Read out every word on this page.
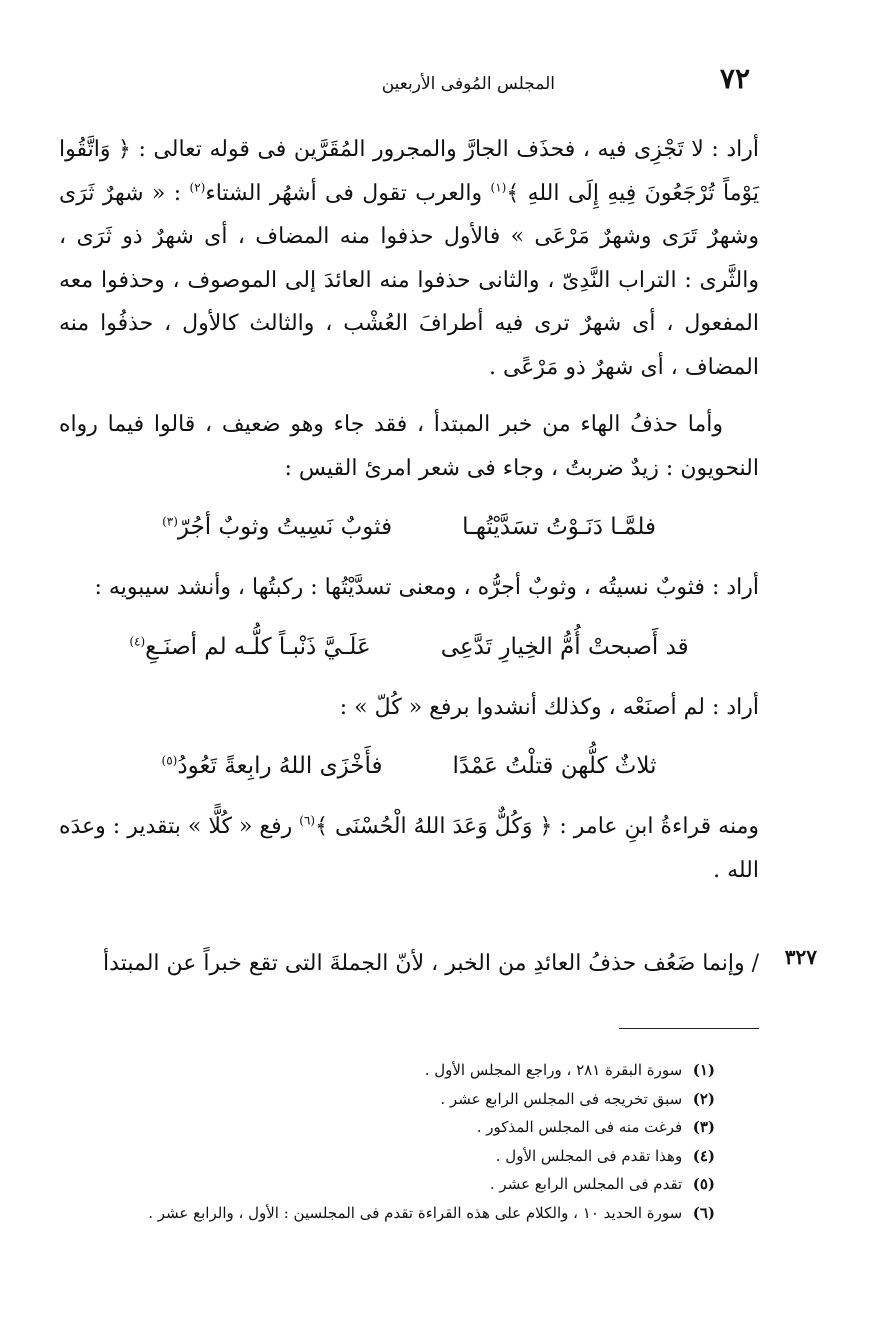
٧٢
المجلس المُوفى الأربعين

أراد : لا تَجْزِى فيه ، فحذَف الجارَّ والمجرور المُقَرَّين فى قوله تعالى : ﴿ وَاتَّقُوا يَوْماً تُرْجَعُونَ فِيهِ إِلَى اللهِ ﴾$^{(١)}$ والعرب تقول فى أشهُر الشتاء$^{(٢)}$ : « شهرٌ ثَرَى وشهرٌ تَرَى وشهرٌ مَرْعَى » فالأول حذفوا منه المضاف ، أى شهرٌ ذو ثَرَى ، والثَّرى : التراب النَّدِىّ ، والثانى حذفوا منه العائدَ إلى الموصوف ، وحذفوا معه المفعول ، أى شهرٌ ترى فيه أطرافَ العُشْب ، والثالث كالأول ، حذفُوا منه المضاف ، أى شهرٌ ذو مَرْعًى .

وأما حذفُ الهاء من خبر المبتدأ ، فقد جاء وهو ضعيف ، قالوا فيما رواه النحويون : زيدٌ ضربتُ ، وجاء فى شعر امرىٔ القيس :

فلمَّـا دَنَـوْتُ تسَدَّيْتُهـا
فثوبٌ نَسِيتُ وثوبٌ أجُرّ$^{(٣)}$

أراد : فثوبٌ نسيتُه ، وثوبٌ أجرُّه ، ومعنى تسدَّيْتُها : ركبتُها ، وأنشد سيبويه :

قد أَصبحتْ أُمُّ الخِيارِ تَدَّعِى
عَلَـيَّ ذَنْبـاً كلُّـه لم أصنَـعِ$^{(٤)}$

أراد : لم أصنَعْه ، وكذلك أنشدوا برفع « كُلّ » :

ثلاثٌ كلُّهن قتلْتُ عَمْدًا
فأَخْزَى اللهُ رابِعةً تَعُودُ$^{(٥)}$

ومنه قراءةُ ابنِ عامر : ﴿ وَكُلٌّ وَعَدَ اللهُ الْحُسْنَى ﴾$^{(٦)}$ رفع « كُلًّا » بتقدير : وعدَه الله .

٣٢٧
/ وإنما ضَعُف حذفُ العائدِ من الخبر ، لأنّ الجملةَ التى تقع خبراً عن المبتدأ
(١) سورة البقرة ٢٨١ ، وراجع المجلس الأول .
(٢) سبق تخريجه فى المجلس الرابع عشر .
(٣) فرغت منه فى المجلس المذكور .
(٤) وهذا تقدم فى المجلس الأول .
(٥) تقدم فى المجلس الرابع عشر .
(٦) سورة الحديد ١٠ ، والكلام على هذه القراءة تقدم فى المجلسين : الأول ، والرابع عشر .
